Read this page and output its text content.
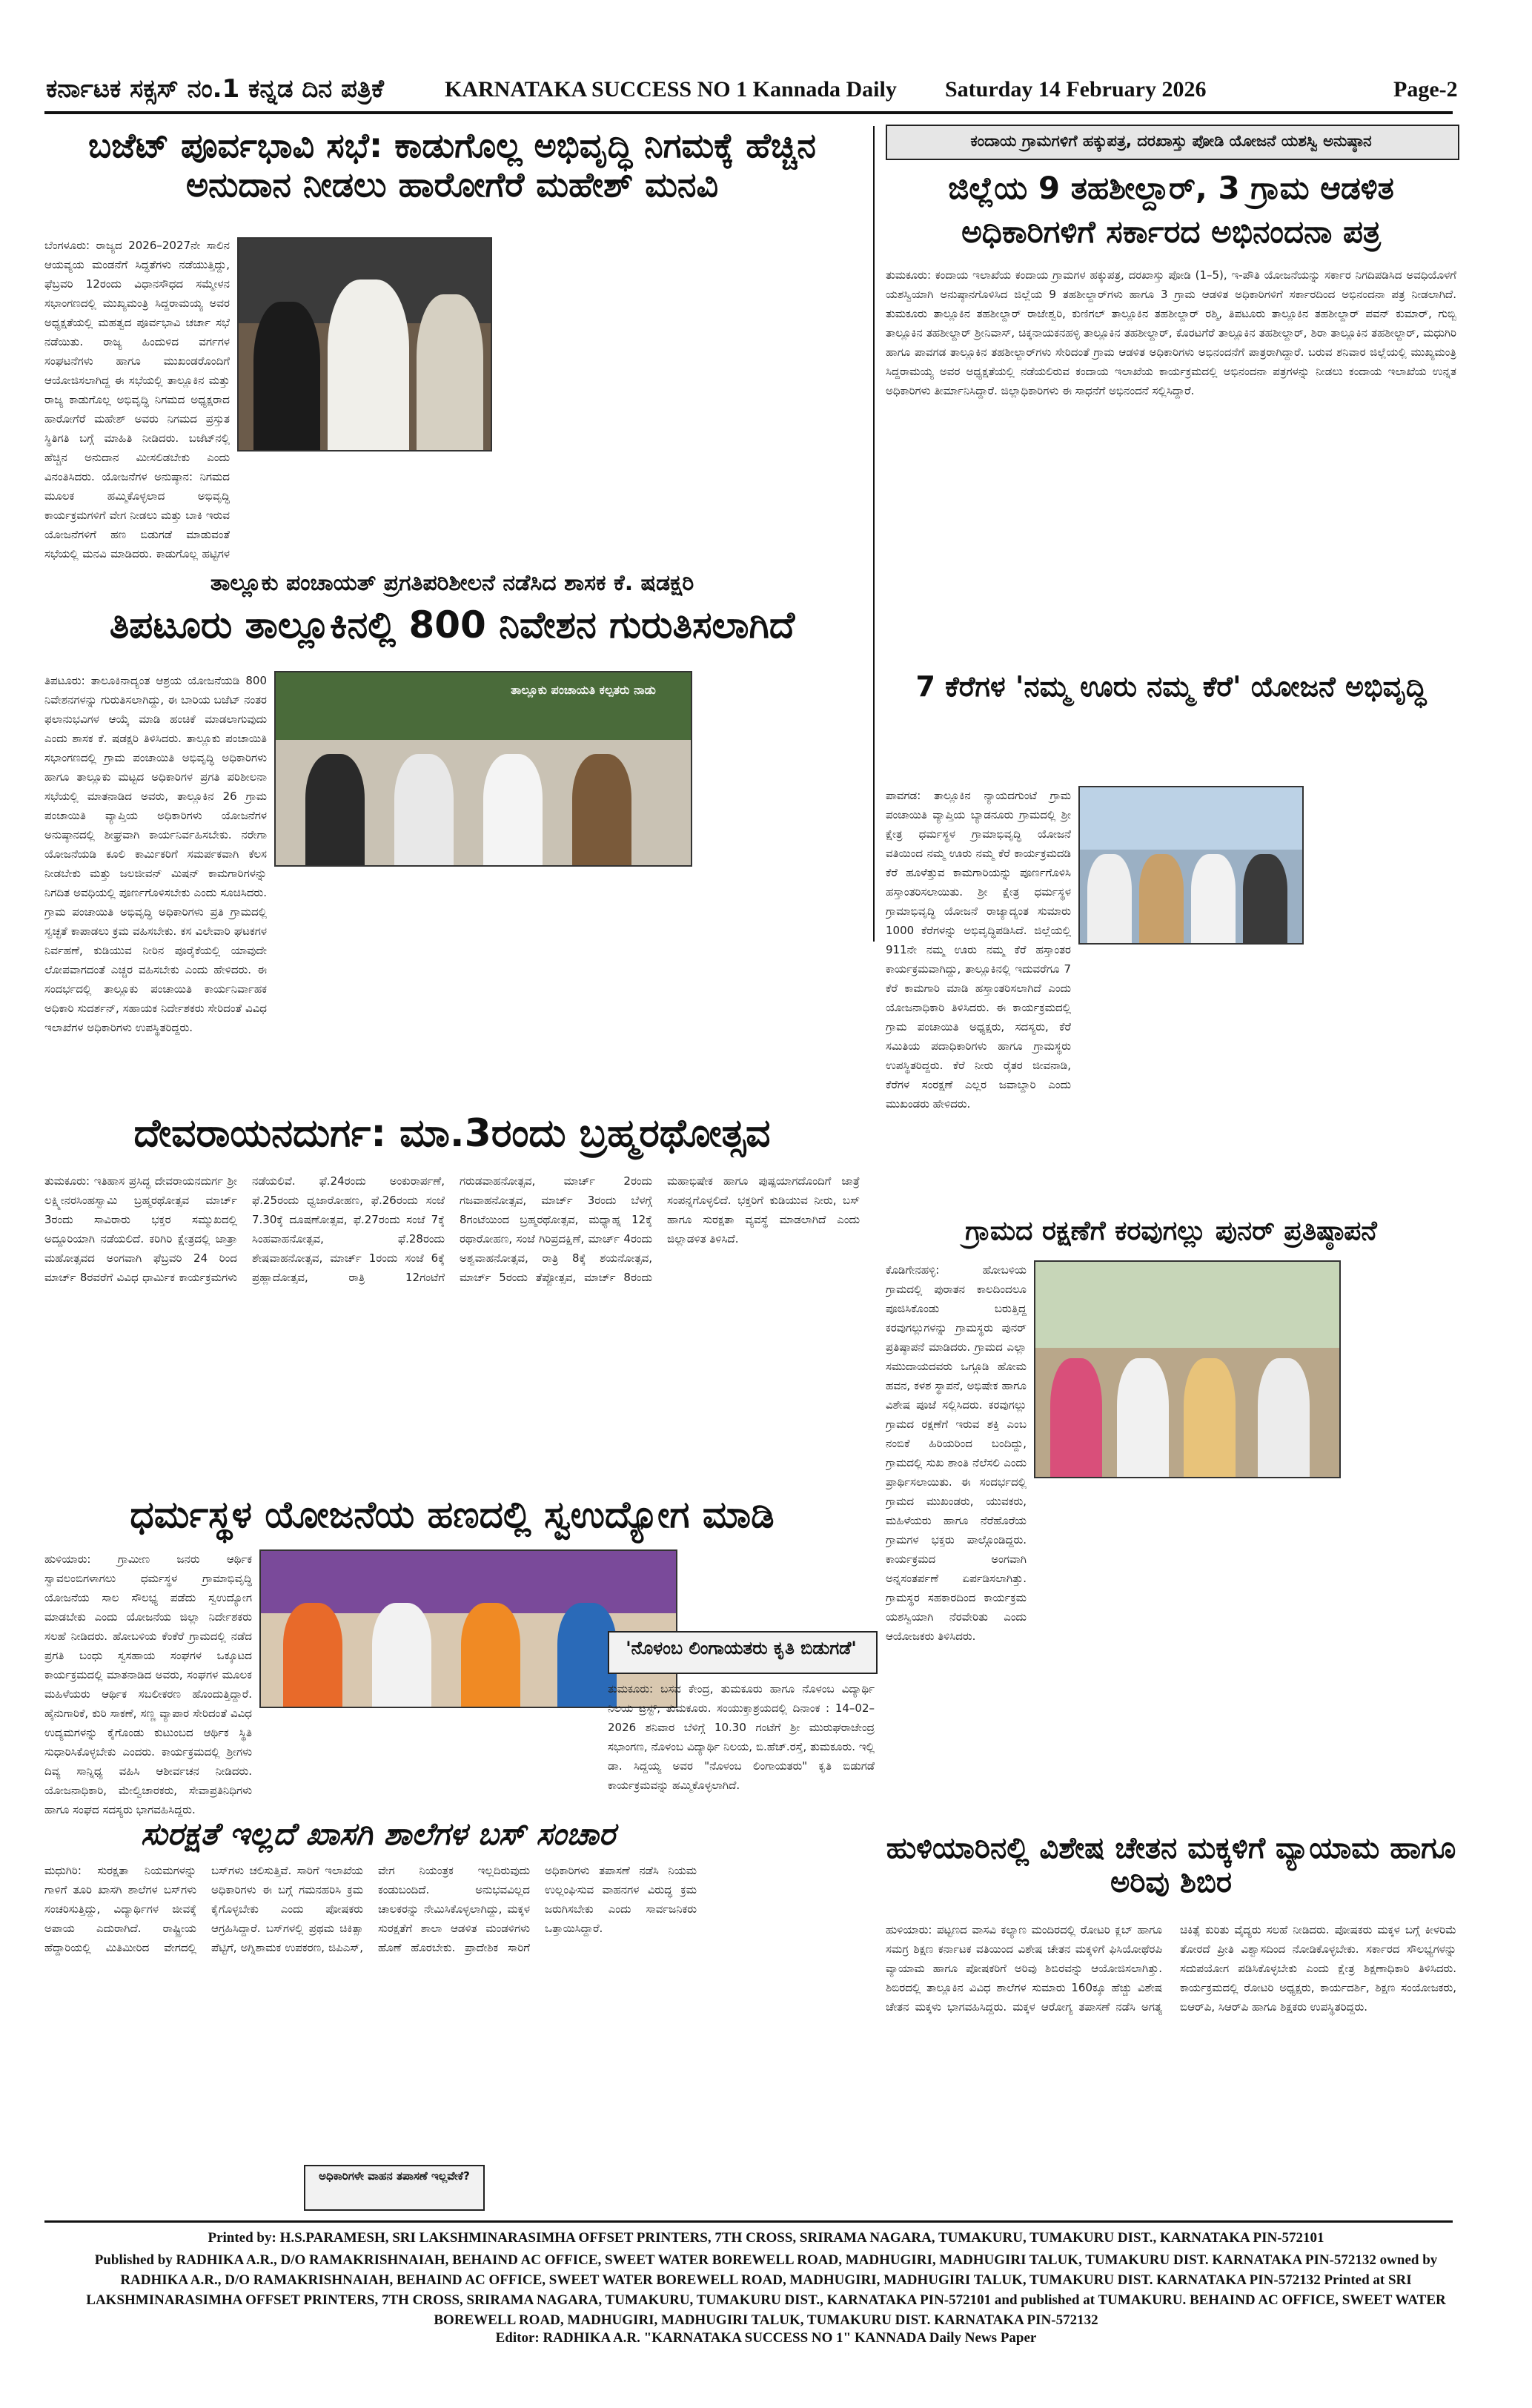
ಕರ್ನಾಟಕ ಸಕ್ಸಸ್ ನಂ.1 ಕನ್ನಡ ದಿನ ಪತ್ರಿಕೆ	KARNATAKA SUCCESS NO 1 Kannada Daily Saturday 14 February 2026	Page-2
ಬಜೆಟ್ ಪೂರ್ವಭಾವಿ ಸಭೆ: ಕಾಡುಗೊಲ್ಲ ಅಭಿವೃದ್ಧಿ ನಿಗಮಕ್ಕೆ ಹೆಚ್ಚಿನ ಅನುದಾನ ನೀಡಲು ಹಾರೋಗೆರೆ ಮಹೇಶ್ ಮನವಿ
ಬೆಂಗಳೂರು: ರಾಜ್ಯದ 2026–2027ನೇ ಸಾಲಿನ ಆಯವ್ಯಯ ಮಂಡನೆಗೆ ಸಿದ್ಧತೆಗಳು ನಡೆಯುತ್ತಿದ್ದು, ಫೆಬ್ರವರಿ 12ರಂದು ವಿಧಾನಸೌಧದ ಸಮ್ಮೇಳನ ಸಭಾಂಗಣದಲ್ಲಿ ಮುಖ್ಯಮಂತ್ರಿ ಸಿದ್ದರಾಮಯ್ಯ ಅವರ ಅಧ್ಯಕ್ಷತೆಯಲ್ಲಿ ಮಹತ್ವದ ಪೂರ್ವಭಾವಿ ಚರ್ಚಾ ಸಭೆ ನಡೆಯಿತು. ರಾಜ್ಯ ಹಿಂದುಳಿದ ವರ್ಗಗಳ ಸಂಘಟನೆಗಳು ಹಾಗೂ ಮುಖಂಡರೊಂದಿಗೆ ಆಯೋಜಿಸಲಾಗಿದ್ದ ಈ ಸಭೆಯಲ್ಲಿ ತಾಲ್ಲೂಕಿನ ಮತ್ತು ರಾಜ್ಯ ಕಾಡುಗೊಲ್ಲ ಅಭಿವೃದ್ಧಿ ನಿಗಮದ ಅಧ್ಯಕ್ಷರಾದ ಹಾರೋಗೆರೆ ಮಹೇಶ್ ಅವರು ನಿಗಮದ ಪ್ರಸ್ತುತ ಸ್ಥಿತಿಗತಿ ಬಗ್ಗೆ ಮಾಹಿತಿ ನೀಡಿದರು. ಬಜೆಟ್‌ನಲ್ಲಿ ಹೆಚ್ಚಿನ ಅನುದಾನ ಮೀಸಲಿಡಬೇಕು ಎಂದು ವಿನಂತಿಸಿದರು. ಯೋಜನೆಗಳ ಅನುಷ್ಠಾನ: ನಿಗಮದ ಮೂಲಕ ಹಮ್ಮಿಕೊಳ್ಳಲಾದ ಅಭಿವೃದ್ಧಿ ಕಾರ್ಯಕ್ರಮಗಳಿಗೆ ವೇಗ ನೀಡಲು ಮತ್ತು ಬಾಕಿ ಇರುವ ಯೋಜನೆಗಳಿಗೆ ಹಣ ಬಿಡುಗಡೆ ಮಾಡುವಂತೆ ಸಭೆಯಲ್ಲಿ ಮನವಿ ಮಾಡಿದರು. ಕಾಡುಗೊಲ್ಲ ಹಟ್ಟಿಗಳ
ಕಂದಾಯ ಗ್ರಾಮಗಳಿಗೆ ಹಕ್ಕುಪತ್ರ, ದರಖಾಸ್ತು ಪೋಡಿ ಯೋಜನೆ ಯಶಸ್ವಿ ಅನುಷ್ಠಾನ
ಜಿಲ್ಲೆಯ 9 ತಹಶೀಲ್ದಾರ್, 3 ಗ್ರಾಮ ಆಡಳಿತ ಅಧಿಕಾರಿಗಳಿಗೆ ಸರ್ಕಾರದ ಅಭಿನಂದನಾ ಪತ್ರ
ತುಮಕೂರು: ಕಂದಾಯ ಇಲಾಖೆಯ ಕಂದಾಯ ಗ್ರಾಮಗಳ ಹಕ್ಕುಪತ್ರ, ದರಖಾಸ್ತು ಪೋಡಿ (1–5), ಇ-ಪೌತಿ ಯೋಜನೆಯನ್ನು ಸರ್ಕಾರ ನಿಗದಿಪಡಿಸಿದ ಅವಧಿಯೊಳಗೆ ಯಶಸ್ವಿಯಾಗಿ ಅನುಷ್ಠಾನಗೊಳಿಸಿದ ಜಿಲ್ಲೆಯ 9 ತಹಶೀಲ್ದಾರ್‌ಗಳು ಹಾಗೂ 3 ಗ್ರಾಮ ಆಡಳಿತ ಅಧಿಕಾರಿಗಳಿಗೆ ಸರ್ಕಾರದಿಂದ ಅಭಿನಂದನಾ ಪತ್ರ ನೀಡಲಾಗಿದೆ. ತುಮಕೂರು ತಾಲ್ಲೂಕಿನ ತಹಶೀಲ್ದಾರ್ ರಾಜೇಶ್ವರಿ, ಕುಣಿಗಲ್ ತಾಲ್ಲೂಕಿನ ತಹಶೀಲ್ದಾರ್ ರಶ್ಮಿ, ತಿಪಟೂರು ತಾಲ್ಲೂಕಿನ ತಹಶೀಲ್ದಾರ್ ಪವನ್ ಕುಮಾರ್, ಗುಬ್ಬಿ ತಾಲ್ಲೂಕಿನ ತಹಶೀಲ್ದಾರ್ ಶ್ರೀನಿವಾಸ್, ಚಿಕ್ಕನಾಯಕನಹಳ್ಳಿ ತಾಲ್ಲೂಕಿನ ತಹಶೀಲ್ದಾರ್, ಕೊರಟಗೆರೆ ತಾಲ್ಲೂಕಿನ ತಹಶೀಲ್ದಾರ್, ಶಿರಾ ತಾಲ್ಲೂಕಿನ ತಹಶೀಲ್ದಾರ್, ಮಧುಗಿರಿ ಹಾಗೂ ಪಾವಗಡ ತಾಲ್ಲೂಕಿನ ತಹಶೀಲ್ದಾರ್‌ಗಳು ಸೇರಿದಂತೆ ಗ್ರಾಮ ಆಡಳಿತ ಅಧಿಕಾರಿಗಳು ಅಭಿನಂದನೆಗೆ ಪಾತ್ರರಾಗಿದ್ದಾರೆ. ಬರುವ ಶನಿವಾರ ಜಿಲ್ಲೆಯಲ್ಲಿ ಮುಖ್ಯಮಂತ್ರಿ ಸಿದ್ದರಾಮಯ್ಯ ಅವರ ಅಧ್ಯಕ್ಷತೆಯಲ್ಲಿ ನಡೆಯಲಿರುವ ಕಂದಾಯ ಇಲಾಖೆಯ ಕಾರ್ಯಕ್ರಮದಲ್ಲಿ ಅಭಿನಂದನಾ ಪತ್ರಗಳನ್ನು ನೀಡಲು ಕಂದಾಯ ಇಲಾಖೆಯ ಉನ್ನತ ಅಧಿಕಾರಿಗಳು ತೀರ್ಮಾನಿಸಿದ್ದಾರೆ. ಜಿಲ್ಲಾಧಿಕಾರಿಗಳು ಈ ಸಾಧನೆಗೆ ಅಭಿನಂದನೆ ಸಲ್ಲಿಸಿದ್ದಾರೆ.
ತಾಲ್ಲೂಕು ಪಂಚಾಯತ್ ಪ್ರಗತಿಪರಿಶೀಲನೆ ನಡೆಸಿದ ಶಾಸಕ ಕೆ. ಷಡಕ್ಷರಿ
ತಿಪಟೂರು ತಾಲ್ಲೂಕಿನಲ್ಲಿ 800 ನಿವೇಶನ ಗುರುತಿಸಲಾಗಿದೆ
ತಾಲ್ಲೂಕು ಪಂಚಾಯತಿ ಕಲ್ಪತರು ನಾಡು
ತಿಪಟೂರು: ತಾಲೂಕಿನಾದ್ಯಂತ ಆಶ್ರಯ ಯೋಜನೆಯಡಿ 800 ನಿವೇಶನಗಳನ್ನು ಗುರುತಿಸಲಾಗಿದ್ದು, ಈ ಬಾರಿಯ ಬಜೆಟ್ ನಂತರ ಫಲಾನುಭವಿಗಳ ಆಯ್ಕೆ ಮಾಡಿ ಹಂಚಿಕೆ ಮಾಡಲಾಗುವುದು ಎಂದು ಶಾಸಕ ಕೆ. ಷಡಕ್ಷರಿ ತಿಳಿಸಿದರು. ತಾಲ್ಲೂಕು ಪಂಚಾಯಿತಿ ಸಭಾಂಗಣದಲ್ಲಿ ಗ್ರಾಮ ಪಂಚಾಯಿತಿ ಅಭಿವೃದ್ಧಿ ಅಧಿಕಾರಿಗಳು ಹಾಗೂ ತಾಲ್ಲೂಕು ಮಟ್ಟದ ಅಧಿಕಾರಿಗಳ ಪ್ರಗತಿ ಪರಿಶೀಲನಾ ಸಭೆಯಲ್ಲಿ ಮಾತನಾಡಿದ ಅವರು, ತಾಲ್ಲೂಕಿನ 26 ಗ್ರಾಮ ಪಂಚಾಯಿತಿ ವ್ಯಾಪ್ತಿಯ ಅಧಿಕಾರಿಗಳು ಯೋಜನೆಗಳ ಅನುಷ್ಠಾನದಲ್ಲಿ ಶೀಘ್ರವಾಗಿ ಕಾರ್ಯನಿರ್ವಹಿಸಬೇಕು. ನರೇಗಾ ಯೋಜನೆಯಡಿ ಕೂಲಿ ಕಾರ್ಮಿಕರಿಗೆ ಸಮರ್ಪಕವಾಗಿ ಕೆಲಸ ನೀಡಬೇಕು ಮತ್ತು ಜಲಜೀವನ್ ಮಿಷನ್ ಕಾಮಗಾರಿಗಳನ್ನು ನಿಗದಿತ ಅವಧಿಯಲ್ಲಿ ಪೂರ್ಣಗೊಳಿಸಬೇಕು ಎಂದು ಸೂಚಿಸಿದರು. ಗ್ರಾಮ ಪಂಚಾಯಿತಿ ಅಭಿವೃದ್ಧಿ ಅಧಿಕಾರಿಗಳು ಪ್ರತಿ ಗ್ರಾಮದಲ್ಲಿ ಸ್ವಚ್ಛತೆ ಕಾಪಾಡಲು ಕ್ರಮ ವಹಿಸಬೇಕು. ಕಸ ವಿಲೇವಾರಿ ಘಟಕಗಳ ನಿರ್ವಹಣೆ, ಕುಡಿಯುವ ನೀರಿನ ಪೂರೈಕೆಯಲ್ಲಿ ಯಾವುದೇ ಲೋಪವಾಗದಂತೆ ಎಚ್ಚರ ವಹಿಸಬೇಕು ಎಂದು ಹೇಳಿದರು. ಈ ಸಂದರ್ಭದಲ್ಲಿ ತಾಲ್ಲೂಕು ಪಂಚಾಯಿತಿ ಕಾರ್ಯನಿರ್ವಾಹಕ ಅಧಿಕಾರಿ ಸುದರ್ಶನ್, ಸಹಾಯಕ ನಿರ್ದೇಶಕರು ಸೇರಿದಂತೆ ವಿವಿಧ ಇಲಾಖೆಗಳ ಅಧಿಕಾರಿಗಳು ಉಪಸ್ಥಿತರಿದ್ದರು.
7 ಕೆರೆಗಳ 'ನಮ್ಮ ಊರು ನಮ್ಮ ಕೆರೆ' ಯೋಜನೆ ಅಭಿವೃದ್ಧಿ
ಪಾವಗಡ: ತಾಲ್ಲೂಕಿನ ನ್ಯಾಯದಗುಂಟೆ ಗ್ರಾಮ ಪಂಚಾಯಿತಿ ವ್ಯಾಪ್ತಿಯ ಬ್ಯಾಡನೂರು ಗ್ರಾಮದಲ್ಲಿ ಶ್ರೀ ಕ್ಷೇತ್ರ ಧರ್ಮಸ್ಥಳ ಗ್ರಾಮಾಭಿವೃದ್ಧಿ ಯೋಜನೆ ವತಿಯಿಂದ ನಮ್ಮ ಊರು ನಮ್ಮ ಕೆರೆ ಕಾರ್ಯಕ್ರಮದಡಿ ಕೆರೆ ಹೂಳೆತ್ತುವ ಕಾಮಗಾರಿಯನ್ನು ಪೂರ್ಣಗೊಳಿಸಿ ಹಸ್ತಾಂತರಿಸಲಾಯಿತು. ಶ್ರೀ ಕ್ಷೇತ್ರ ಧರ್ಮಸ್ಥಳ ಗ್ರಾಮಾಭಿವೃದ್ಧಿ ಯೋಜನೆ ರಾಜ್ಯಾದ್ಯಂತ ಸುಮಾರು 1000 ಕೆರೆಗಳನ್ನು ಅಭಿವೃದ್ಧಿಪಡಿಸಿದೆ. ಜಿಲ್ಲೆಯಲ್ಲಿ 911ನೇ ನಮ್ಮ ಊರು ನಮ್ಮ ಕೆರೆ ಹಸ್ತಾಂತರ ಕಾರ್ಯಕ್ರಮವಾಗಿದ್ದು, ತಾಲ್ಲೂಕಿನಲ್ಲಿ ಇದುವರೆಗೂ 7 ಕೆರೆ ಕಾಮಗಾರಿ ಮಾಡಿ ಹಸ್ತಾಂತರಿಸಲಾಗಿದೆ ಎಂದು ಯೋಜನಾಧಿಕಾರಿ ತಿಳಿಸಿದರು. ಈ ಕಾರ್ಯಕ್ರಮದಲ್ಲಿ ಗ್ರಾಮ ಪಂಚಾಯಿತಿ ಅಧ್ಯಕ್ಷರು, ಸದಸ್ಯರು, ಕೆರೆ ಸಮಿತಿಯ ಪದಾಧಿಕಾರಿಗಳು ಹಾಗೂ ಗ್ರಾಮಸ್ಥರು ಉಪಸ್ಥಿತರಿದ್ದರು. ಕೆರೆ ನೀರು ರೈತರ ಜೀವನಾಡಿ, ಕೆರೆಗಳ ಸಂರಕ್ಷಣೆ ಎಲ್ಲರ ಜವಾಬ್ದಾರಿ ಎಂದು ಮುಖಂಡರು ಹೇಳಿದರು.
ದೇವರಾಯನದುರ್ಗ: ಮಾ.3ರಂದು ಬ್ರಹ್ಮರಥೋತ್ಸವ
ತುಮಕೂರು: ಇತಿಹಾಸ ಪ್ರಸಿದ್ಧ ದೇವರಾಯನದುರ್ಗ ಶ್ರೀ ಲಕ್ಷ್ಮೀನರಸಿಂಹಸ್ವಾಮಿ ಬ್ರಹ್ಮರಥೋತ್ಸವ ಮಾರ್ಚ್ 3ರಂದು ಸಾವಿರಾರು ಭಕ್ತರ ಸಮ್ಮುಖದಲ್ಲಿ ಅದ್ದೂರಿಯಾಗಿ ನಡೆಯಲಿದೆ. ಕರಿಗಿರಿ ಕ್ಷೇತ್ರದಲ್ಲಿ ಜಾತ್ರಾ ಮಹೋತ್ಸವದ ಅಂಗವಾಗಿ ಫೆಬ್ರವರಿ 24 ರಿಂದ ಮಾರ್ಚ್ 8ರವರೆಗೆ ವಿವಿಧ ಧಾರ್ಮಿಕ ಕಾರ್ಯಕ್ರಮಗಳು ನಡೆಯಲಿವೆ. ಫೆ.24ರಂದು ಅಂಕುರಾರ್ಪಣೆ, ಫೆ.25ರಂದು ಧ್ವಜಾರೋಹಣ, ಫೆ.26ರಂದು ಸಂಜೆ 7.30ಕ್ಕೆ ದೂಷಣೋತ್ಸವ, ಫೆ.27ರಂದು ಸಂಜೆ 7ಕ್ಕೆ ಸಿಂಹವಾಹನೋತ್ಸವ, ಫೆ.28ರಂದು ಶೇಷವಾಹನೋತ್ಸವ, ಮಾರ್ಚ್ 1ರಂದು ಸಂಜೆ 6ಕ್ಕೆ ಪ್ರಹ್ಲಾದೋತ್ಸವ, ರಾತ್ರಿ 12ಗಂಟೆಗೆ ಗರುಡವಾಹನೋತ್ಸವ, ಮಾರ್ಚ್ 2ರಂದು ಗಜವಾಹನೋತ್ಸವ, ಮಾರ್ಚ್ 3ರಂದು ಬೆಳಗ್ಗೆ 8ಗಂಟೆಯಿಂದ ಬ್ರಹ್ಮರಥೋತ್ಸವ, ಮಧ್ಯಾಹ್ನ 12ಕ್ಕೆ ರಥಾರೋಹಣ, ಸಂಜೆ ಗಿರಿಪ್ರದಕ್ಷಿಣೆ, ಮಾರ್ಚ್ 4ರಂದು ಅಶ್ವವಾಹನೋತ್ಸವ, ರಾತ್ರಿ 8ಕ್ಕೆ ಶಯನೋತ್ಸವ, ಮಾರ್ಚ್ 5ರಂದು ತೆಪ್ಪೋತ್ಸವ, ಮಾರ್ಚ್ 8ರಂದು ಮಹಾಭಿಷೇಕ ಹಾಗೂ ಪುಷ್ಪಯಾಗದೊಂದಿಗೆ ಜಾತ್ರೆ ಸಂಪನ್ನಗೊಳ್ಳಲಿದೆ. ಭಕ್ತರಿಗೆ ಕುಡಿಯುವ ನೀರು, ಬಸ್ ಹಾಗೂ ಸುರಕ್ಷತಾ ವ್ಯವಸ್ಥೆ ಮಾಡಲಾಗಿದೆ ಎಂದು ಜಿಲ್ಲಾಡಳಿತ ತಿಳಿಸಿದೆ.	ಗ್ರಾಮದ ರಕ್ಷಣೆಗೆ ಕರವುಗಲ್ಲು ಪುನರ್ ಪ್ರತಿಷ್ಠಾಪನೆ
ಕೊಡಿಗೇನಹಳ್ಳಿ: ಹೋಬಳಿಯ ಗ್ರಾಮದಲ್ಲಿ ಪುರಾತನ ಕಾಲದಿಂದಲೂ ಪೂಜಿಸಿಕೊಂಡು ಬರುತ್ತಿದ್ದ ಕರವುಗಲ್ಲುಗಳನ್ನು ಗ್ರಾಮಸ್ಥರು ಪುನರ್ ಪ್ರತಿಷ್ಠಾಪನೆ ಮಾಡಿದರು. ಗ್ರಾಮದ ಎಲ್ಲಾ ಸಮುದಾಯದವರು ಒಗ್ಗೂಡಿ ಹೋಮ ಹವನ, ಕಳಶ ಸ್ಥಾಪನೆ, ಅಭಿಷೇಕ ಹಾಗೂ ವಿಶೇಷ ಪೂಜೆ ಸಲ್ಲಿಸಿದರು. ಕರವುಗಲ್ಲು ಗ್ರಾಮದ ರಕ್ಷಣೆಗೆ ಇರುವ ಶಕ್ತಿ ಎಂಬ ನಂಬಿಕೆ ಹಿರಿಯರಿಂದ ಬಂದಿದ್ದು, ಗ್ರಾಮದಲ್ಲಿ ಸುಖ ಶಾಂತಿ ನೆಲೆಸಲಿ ಎಂದು ಪ್ರಾರ್ಥಿಸಲಾಯಿತು. ಈ ಸಂದರ್ಭದಲ್ಲಿ ಗ್ರಾಮದ ಮುಖಂಡರು, ಯುವಕರು, ಮಹಿಳೆಯರು ಹಾಗೂ ನೆರೆಹೊರೆಯ ಗ್ರಾಮಗಳ ಭಕ್ತರು ಪಾಲ್ಗೊಂಡಿದ್ದರು. ಕಾರ್ಯಕ್ರಮದ ಅಂಗವಾಗಿ ಅನ್ನಸಂತರ್ಪಣೆ ಏರ್ಪಡಿಸಲಾಗಿತ್ತು. ಗ್ರಾಮಸ್ಥರ ಸಹಕಾರದಿಂದ ಕಾರ್ಯಕ್ರಮ ಯಶಸ್ವಿಯಾಗಿ ನೆರವೇರಿತು ಎಂದು ಆಯೋಜಕರು ತಿಳಿಸಿದರು.
ಧರ್ಮಸ್ಥಳ ಯೋಜನೆಯ ಹಣದಲ್ಲಿ ಸ್ವಉದ್ಯೋಗ ಮಾಡಿ
ಹುಳಿಯಾರು: ಗ್ರಾಮೀಣ ಜನರು ಆರ್ಥಿಕ ಸ್ವಾವಲಂಬಿಗಳಾಗಲು ಧರ್ಮಸ್ಥಳ ಗ್ರಾಮಾಭಿವೃದ್ಧಿ ಯೋಜನೆಯ ಸಾಲ ಸೌಲಭ್ಯ ಪಡೆದು ಸ್ವಉದ್ಯೋಗ ಮಾಡಬೇಕು ಎಂದು ಯೋಜನೆಯ ಜಿಲ್ಲಾ ನಿರ್ದೇಶಕರು ಸಲಹೆ ನೀಡಿದರು. ಹೋಬಳಿಯ ಕೆಂಕೆರೆ ಗ್ರಾಮದಲ್ಲಿ ನಡೆದ ಪ್ರಗತಿ ಬಂಧು ಸ್ವಸಹಾಯ ಸಂಘಗಳ ಒಕ್ಕೂಟದ ಕಾರ್ಯಕ್ರಮದಲ್ಲಿ ಮಾತನಾಡಿದ ಅವರು, ಸಂಘಗಳ ಮೂಲಕ ಮಹಿಳೆಯರು ಆರ್ಥಿಕ ಸಬಲೀಕರಣ ಹೊಂದುತ್ತಿದ್ದಾರೆ. ಹೈನುಗಾರಿಕೆ, ಕುರಿ ಸಾಕಣೆ, ಸಣ್ಣ ವ್ಯಾಪಾರ ಸೇರಿದಂತೆ ವಿವಿಧ ಉದ್ಯಮಗಳನ್ನು ಕೈಗೊಂಡು ಕುಟುಂಬದ ಆರ್ಥಿಕ ಸ್ಥಿತಿ ಸುಧಾರಿಸಿಕೊಳ್ಳಬೇಕು ಎಂದರು. ಕಾರ್ಯಕ್ರಮದಲ್ಲಿ ಶ್ರೀಗಳು ದಿವ್ಯ ಸಾನ್ನಿಧ್ಯ ವಹಿಸಿ ಆಶೀರ್ವಚನ ನೀಡಿದರು. ಯೋಜನಾಧಿಕಾರಿ, ಮೇಲ್ವಿಚಾರಕರು, ಸೇವಾಪ್ರತಿನಿಧಿಗಳು ಹಾಗೂ ಸಂಘದ ಸದಸ್ಯರು ಭಾಗವಹಿಸಿದ್ದರು.
ಸುರಕ್ಷತೆ ಇಲ್ಲದೆ ಖಾಸಗಿ ಶಾಲೆಗಳ ಬಸ್ ಸಂಚಾರ
ಮಧುಗಿರಿ: ಸುರಕ್ಷತಾ ನಿಯಮಗಳನ್ನು ಗಾಳಿಗೆ ತೂರಿ ಖಾಸಗಿ ಶಾಲೆಗಳ ಬಸ್‌ಗಳು ಸಂಚರಿಸುತ್ತಿದ್ದು, ವಿದ್ಯಾರ್ಥಿಗಳ ಜೀವಕ್ಕೆ ಅಪಾಯ ಎದುರಾಗಿದೆ. ರಾಷ್ಟ್ರೀಯ ಹೆದ್ದಾರಿಯಲ್ಲಿ ಮಿತಿಮೀರಿದ ವೇಗದಲ್ಲಿ ಬಸ್‌ಗಳು ಚಲಿಸುತ್ತಿವೆ. ಸಾರಿಗೆ ಇಲಾಖೆಯ ಅಧಿಕಾರಿಗಳು ಈ ಬಗ್ಗೆ ಗಮನಹರಿಸಿ ಕ್ರಮ ಕೈಗೊಳ್ಳಬೇಕು ಎಂದು ಪೋಷಕರು ಆಗ್ರಹಿಸಿದ್ದಾರೆ. ಬಸ್‌ಗಳಲ್ಲಿ ಪ್ರಥಮ ಚಿಕಿತ್ಸಾ ಪೆಟ್ಟಿಗೆ, ಅಗ್ನಿಶಾಮಕ ಉಪಕರಣ, ಜಿಪಿಎಸ್, ವೇಗ ನಿಯಂತ್ರಕ ಇಲ್ಲದಿರುವುದು ಕಂಡುಬಂದಿದೆ. ಅನುಭವವಿಲ್ಲದ ಚಾಲಕರನ್ನು ನೇಮಿಸಿಕೊಳ್ಳಲಾಗಿದ್ದು, ಮಕ್ಕಳ ಸುರಕ್ಷತೆಗೆ ಶಾಲಾ ಆಡಳಿತ ಮಂಡಳಿಗಳು ಹೊಣೆ ಹೊರಬೇಕು. ಪ್ರಾದೇಶಿಕ ಸಾರಿಗೆ ಅಧಿಕಾರಿಗಳು ತಪಾಸಣೆ ನಡೆಸಿ ನಿಯಮ ಉಲ್ಲಂಘಿಸುವ ವಾಹನಗಳ ವಿರುದ್ಧ ಕ್ರಮ ಜರುಗಿಸಬೇಕು ಎಂದು ಸಾರ್ವಜನಿಕರು ಒತ್ತಾಯಿಸಿದ್ದಾರೆ.
ಅಧಿಕಾರಿಗಳೇ ವಾಹನ ತಪಾಸಣೆ ಇಲ್ಲವೇಕೆ?
'ನೊಳಂಬ ಲಿಂಗಾಯತರು ಕೃತಿ ಬಿಡುಗಡೆ'
ತುಮಕೂರು: ಬಸವ ಕೇಂದ್ರ, ತುಮಕೂರು ಹಾಗೂ ನೊಳಂಬ ವಿದ್ಯಾರ್ಥಿ ನಿಲಯ ಟ್ರಸ್ಟ್, ತುಮಕೂರು. ಸಂಯುಕ್ತಾಶ್ರಯದಲ್ಲಿ ದಿನಾಂಕ : 14–02–2026 ಶನಿವಾರ ಬೆಳಿಗ್ಗೆ 10.30 ಗಂಟೆಗೆ ಶ್ರೀ ಮುರುಘರಾಜೇಂದ್ರ ಸಭಾಂಗಣ, ನೊಳಂಬ ವಿದ್ಯಾರ್ಥಿ ನಿಲಯ, ಬಿ.ಹೆಚ್.ರಸ್ತೆ, ತುಮಕೂರು. ಇಲ್ಲಿ ಡಾ. ಸಿದ್ದಯ್ಯ ಅವರ "ನೊಳಂಬ ಲಿಂಗಾಯತರು" ಕೃತಿ ಬಿಡುಗಡೆ ಕಾರ್ಯಕ್ರಮವನ್ನು ಹಮ್ಮಿಕೊಳ್ಳಲಾಗಿದೆ.
ಹುಳಿಯಾರಿನಲ್ಲಿ ವಿಶೇಷ ಚೇತನ ಮಕ್ಕಳಿಗೆ ವ್ಯಾಯಾಮ ಹಾಗೂ ಅರಿವು ಶಿಬಿರ
ಹುಳಿಯಾರು: ಪಟ್ಟಣದ ವಾಸವಿ ಕಲ್ಯಾಣ ಮಂದಿರದಲ್ಲಿ ರೋಟರಿ ಕ್ಲಬ್ ಹಾಗೂ ಸಮಗ್ರ ಶಿಕ್ಷಣ ಕರ್ನಾಟಕ ವತಿಯಿಂದ ವಿಶೇಷ ಚೇತನ ಮಕ್ಕಳಿಗೆ ಫಿಸಿಯೋಥೆರಪಿ ವ್ಯಾಯಾಮ ಹಾಗೂ ಪೋಷಕರಿಗೆ ಅರಿವು ಶಿಬಿರವನ್ನು ಆಯೋಜಿಸಲಾಗಿತ್ತು. ಶಿಬಿರದಲ್ಲಿ ತಾಲ್ಲೂಕಿನ ವಿವಿಧ ಶಾಲೆಗಳ ಸುಮಾರು 160ಕ್ಕೂ ಹೆಚ್ಚು ವಿಶೇಷ ಚೇತನ ಮಕ್ಕಳು ಭಾಗವಹಿಸಿದ್ದರು. ಮಕ್ಕಳ ಆರೋಗ್ಯ ತಪಾಸಣೆ ನಡೆಸಿ ಅಗತ್ಯ ಚಿಕಿತ್ಸೆ ಕುರಿತು ವೈದ್ಯರು ಸಲಹೆ ನೀಡಿದರು. ಪೋಷಕರು ಮಕ್ಕಳ ಬಗ್ಗೆ ಕೀಳರಿಮೆ ತೋರದೆ ಪ್ರೀತಿ ವಿಶ್ವಾಸದಿಂದ ನೋಡಿಕೊಳ್ಳಬೇಕು. ಸರ್ಕಾರದ ಸೌಲಭ್ಯಗಳನ್ನು ಸದುಪಯೋಗ ಪಡಿಸಿಕೊಳ್ಳಬೇಕು ಎಂದು ಕ್ಷೇತ್ರ ಶಿಕ್ಷಣಾಧಿಕಾರಿ ತಿಳಿಸಿದರು. ಕಾರ್ಯಕ್ರಮದಲ್ಲಿ ರೋಟರಿ ಅಧ್ಯಕ್ಷರು, ಕಾರ್ಯದರ್ಶಿ, ಶಿಕ್ಷಣ ಸಂಯೋಜಕರು, ಬಿಆರ್‌ಪಿ, ಸಿಆರ್‌ಪಿ ಹಾಗೂ ಶಿಕ್ಷಕರು ಉಪಸ್ಥಿತರಿದ್ದರು.
Printed by: H.S.PARAMESH, SRI LAKSHMINARASIMHA OFFSET PRINTERS, 7TH CROSS, SRIRAMA NAGARA, TUMAKURU, TUMAKURU DIST., KARNATAKA PIN-572101
Published by RADHIKA A.R., D/O RAMAKRISHNAIAH, BEHAIND AC OFFICE, SWEET WATER BOREWELL ROAD, MADHUGIRI, MADHUGIRI TALUK, TUMAKURU DIST. KARNATAKA PIN-572132 owned by RADHIKA A.R., D/O RAMAKRISHNAIAH, BEHAIND AC OFFICE, SWEET WATER BOREWELL ROAD, MADHUGIRI, MADHUGIRI TALUK, TUMAKURU DIST. KARNATAKA PIN-572132 Printed at SRI LAKSHMINARASIMHA OFFSET PRINTERS, 7TH CROSS, SRIRAMA NAGARA, TUMAKURU, TUMAKURU DIST., KARNATAKA PIN-572101 and published at TUMAKURU. BEHAIND AC OFFICE, SWEET WATER BOREWELL ROAD, MADHUGIRI, MADHUGIRI TALUK, TUMAKURU DIST. KARNATAKA PIN-572132
Editor: RADHIKA A.R. "KARNATAKA SUCCESS NO 1" KANNADA Daily News Paper
